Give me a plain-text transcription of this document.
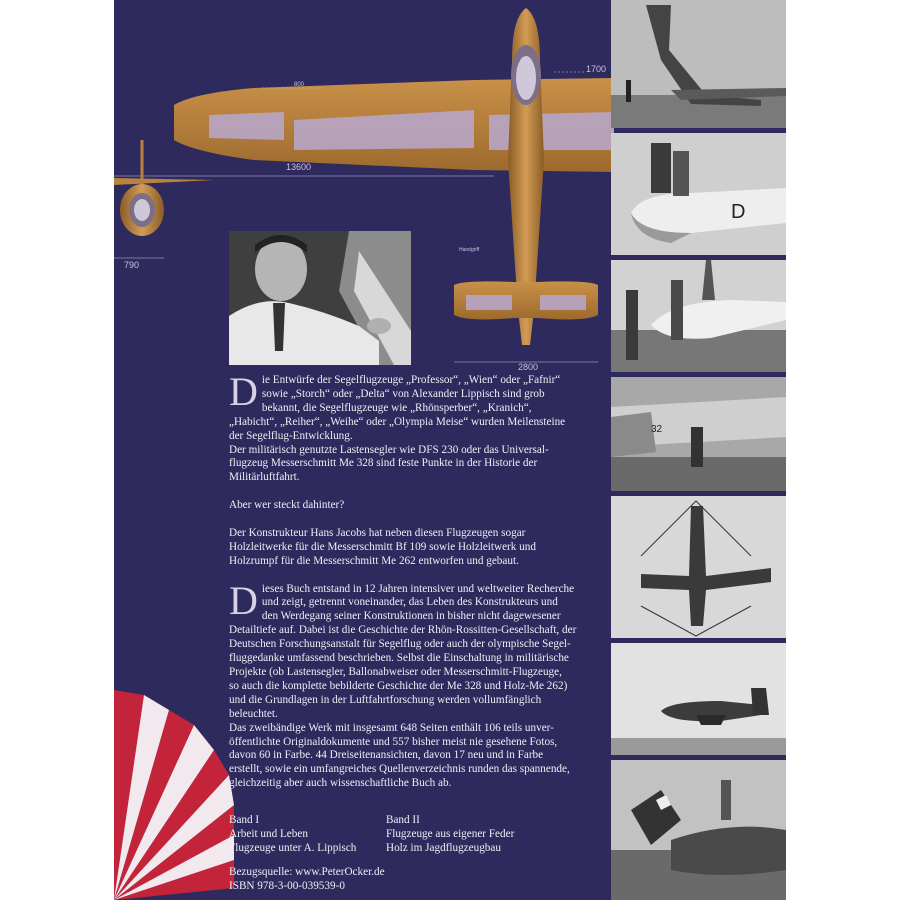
13600
800
2800
1700
Handgriff
790
D ie Entwürfe der Segelflugzeuge „Professor“, „Wien“ oder „Fafnir“

sowie „Storch“ oder „Delta“ von Alexander Lippisch sind grob

bekannt, die Segelflugzeuge wie „Rhönsperber“, „Kranich“,

„Habicht“, „Reiher“, „Weihe“ oder „Olympia Meise“ wurden Meilensteine

der Segelflug-Entwicklung.

Der militärisch genutzte Lastensegler wie DFS 230 oder das Universal-

flugzeug Messerschmitt Me 328 sind feste Punkte in der Historie der

Militärluftfahrt.

Aber wer steckt dahinter?

Der Konstrukteur Hans Jacobs hat neben diesen Flugzeugen sogar

Holzleitwerke für die Messerschmitt Bf 109 sowie Holzleitwerk und

Holzrumpf für die Messerschmitt Me 262 entworfen und gebaut.

D ieses Buch entstand in 12 Jahren intensiver und weltweiter Recherche

und zeigt, getrennt voneinander, das Leben des Konstrukteurs und

den Werdegang seiner Konstruktionen in bisher nicht dagewesener

Detailtiefe auf. Dabei ist die Geschichte der Rhön-Rossitten-Gesellschaft, der

Deutschen Forschungsanstalt für Segelflug oder auch der olympische Segel-

fluggedanke umfassend beschrieben. Selbst die Einschaltung in militärische

Projekte (ob Lastensegler, Ballonabweiser oder Messerschmitt-Flugzeuge,

so auch die komplette bebilderte Geschichte der Me 328 und Holz-Me 262)

und die Grundlagen in der Luftfahrtforschung werden vollumfänglich

beleuchtet.

Das zweibändige Werk mit insgesamt 648 Seiten enthält 106 teils unver-

öffentlichte Originaldokumente und 557 bisher meist nie gesehene Fotos,

davon 60 in Farbe. 44 Dreiseitenansichten, davon 17 neu und in Farbe

erstellt, sowie ein umfangreiches Quellenverzeichnis runden das spannende,

gleichzeitig aber auch wissenschaftliche Buch ab.

Band I
Arbeit und Leben
Flugzeuge unter A. Lippisch
Band II
Flugzeuge aus eigener Feder
Holz im Jagdflugzeugbau
Bezugsquelle: www.PeterOcker.de
ISBN 978-3-00-039539-0
D
32
